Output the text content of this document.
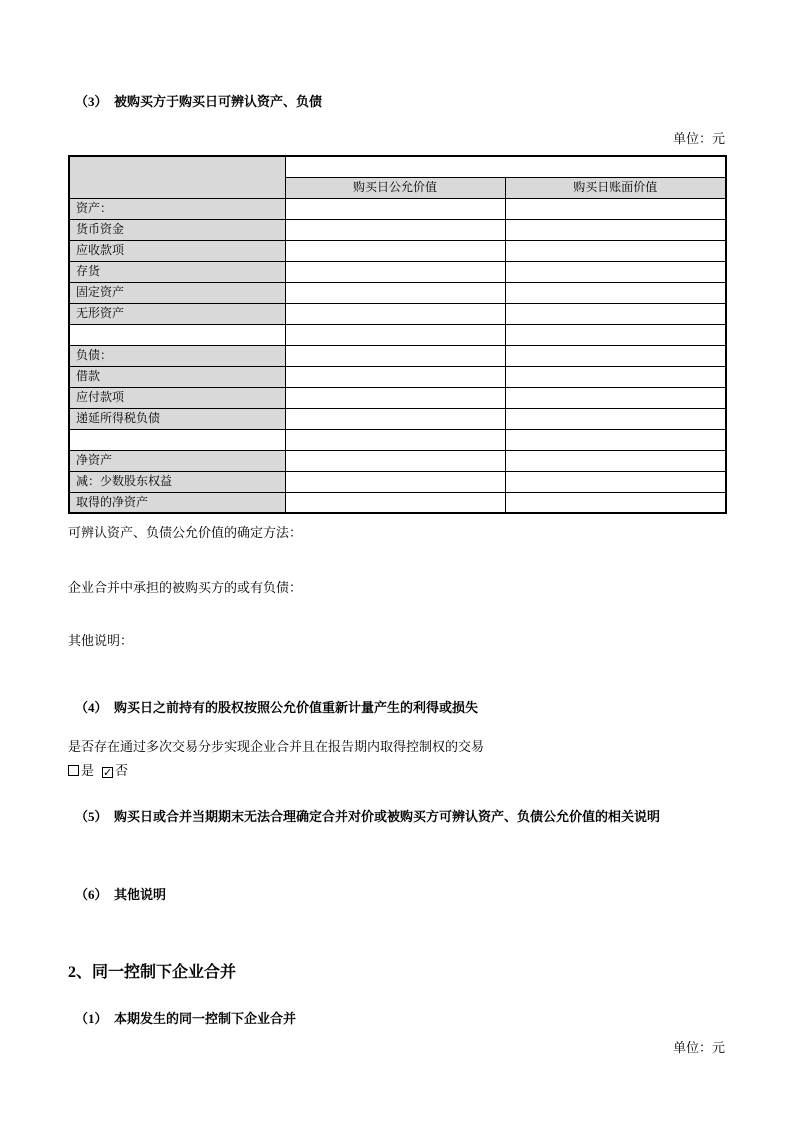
（3）  被购买方于购买日可辨认资产、负债
单位：元

	购买日公允价值	购买日账面价值
资产：		
货币资金		
应收款项		
存货		
固定资产		
无形资产		

负债：		
借款		
应付款项		
递延所得税负债		

净资产		
减：少数股东权益		
取得的净资产		
可辨认资产、负债公允价值的确定方法：
企业合并中承担的被购买方的或有负债：
其他说明：
（4）  购买日之前持有的股权按照公允价值重新计量产生的利得或损失
是否存在通过多次交易分步实现企业合并且在报告期内取得控制权的交易
是 ✓ 否
（5）  购买日或合并当期期末无法合理确定合并对价或被购买方可辨认资产、负债公允价值的相关说明
（6）  其他说明
2、同一控制下企业合并
（1）  本期发生的同一控制下企业合并
单位：元
